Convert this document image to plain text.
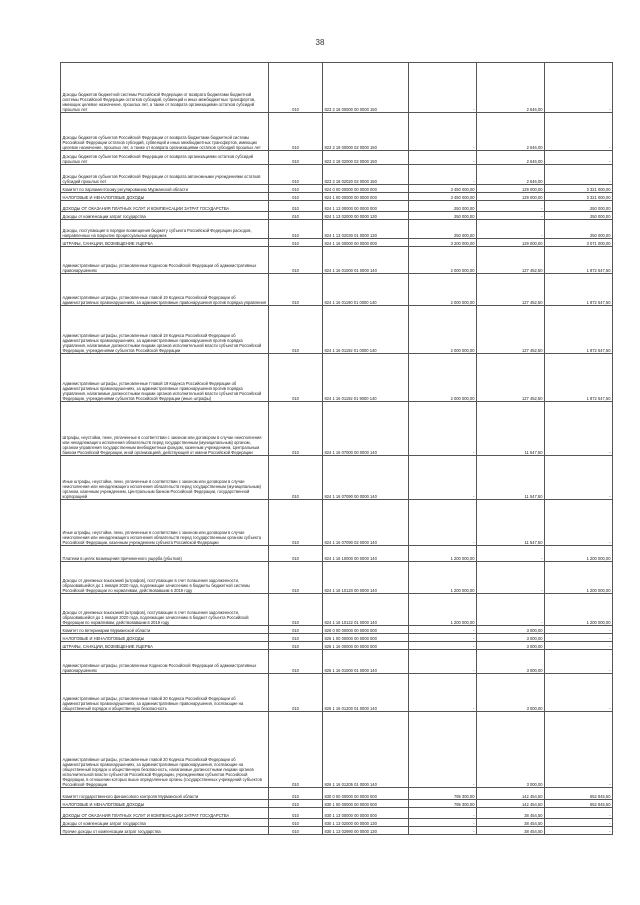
38
Доходы бюджетов бюджетной системы Российской Федерации от возврата бюджетами бюджетной системы Российской Федерации остатков субсидий, субвенций и иных межбюджетных трансфертов, имеющих целевое назначение, прошлых лет, а также от возврата организациями остатков субсидий прошлых лет	010	823 2 18 00000 00 0000 150	-	2 646,00	-
Доходы бюджетов субъектов Российской Федерации от возврата бюджетами бюджетной системы Российской Федерации остатков субсидий, субвенций и иных межбюджетных трансфертов, имеющих целевое назначение, прошлых лет, а также от возврата организациями остатков субсидий прошлых лет	010	823 2 18 00000 02 0000 150	-	2 646,00	-
Доходы бюджетов субъектов Российской Федерации от возврата организациями остатков субсидий прошлых лет	010	823 2 18 02000 02 0000 150	-	2 646,00	-
Доходы бюджетов субъектов Российской Федерации от возврата автономными учреждениями остатков субсидий прошлых лет	010	823 2 18 02020 02 0000 150	-	2 646,00	-
Комитет по парламентскому регулированию Мурманской области	010	824 0 00 00000 00 0000 000	3 450 000,00	129 000,00	3 321 000,00
НАЛОГОВЫЕ И НЕНАЛОГОВЫЕ ДОХОДЫ	010	824 1 00 00000 00 0000 000	3 450 000,00	129 000,00	3 321 000,00
ДОХОДЫ ОТ ОКАЗАНИЯ ПЛАТНЫХ УСЛУГ И КОМПЕНСАЦИИ ЗАТРАТ ГОСУДАРСТВА	010	824 1 13 00000 00 0000 000	250 000,00	-	250 000,00
Доходы от компенсации затрат государства	010	824 1 13 02000 00 0000 130	250 000,00	-	250 000,00
Доходы, поступающие в порядке возмещения бюджету субъекта Российской Федерации расходов, направленных на покрытие процессуальных издержек	010	824 1 13 02030 01 0000 130	250 000,00	-	250 000,00
ШТРАФЫ, САНКЦИИ, ВОЗМЕЩЕНИЕ УЩЕРБА	010	824 1 16 00000 00 0000 000	3 200 000,00	129 000,00	3 071 000,00
Административные штрафы, установленные Кодексом Российской Федерации об административных правонарушениях	010	824 1 16 01000 01 0000 140	2 000 000,00	127 452,50	1 872 547,50
Административные штрафы, установленные главой 19 Кодекса Российской Федерации об административных правонарушениях, за административные правонарушения против порядка управления	010	824 1 16 01190 01 0000 140	2 000 000,00	127 452,50	1 872 547,50
Административные штрафы, установленные главой 19 Кодекса Российской Федерации об административных правонарушениях, за административные правонарушения против порядка управления, налагаемые должностными лицами органов исполнительной власти субъектов Российской Федерации, учреждениями субъектов Российской Федерации	010	824 1 16 01192 01 0000 140	2 000 000,00	127 452,50	1 872 547,50
Административные штрафы, установленные Главой 19 Кодекса Российской Федерации об административных правонарушениях, за административные правонарушения против порядка управления, налагаемые должностными лицами органов исполнительной власти субъектов Российской Федерации, учреждениями субъектов Российской Федерации (иные штрафы)	010	824 1 16 01192 01 9000 140	2 000 000,00	127 452,50	1 872 547,50
Штрафы, неустойки, пени, уплаченные в соответствии с законом или договором в случае неисполнения или ненадлежащего исполнения обязательств перед государственным (муниципальным) органом, органом управления государственным внебюджетным фондом, казенным учреждением, Центральным банком Российской Федерации, иной организацией, действующей от имени Российской Федерации	010	824 1 16 07000 00 0000 140	-	11 547,50	-
Иные штрафы, неустойки, пени, уплаченные в соответствии с законом или договором в случае неисполнения или ненадлежащего исполнения обязательств перед государственным (муниципальным) органом, казенным учреждением, Центральным банком Российской Федерации, государственной корпорацией	010	824 1 16 07090 00 0000 140	-	11 547,50	-
Иные штрафы, неустойки, пени, уплаченные в соответствии с законом или договором в случае неисполнения или ненадлежащего исполнения обязательств перед государственным органом субъекта Российской Федерации, казенным учреждением субъекта Российской Федерации	010	824 1 16 07090 02 0000 140	-	11 547,50	-
Платежи в целях возмещения причиненного ущерба (убытков)	010	824 1 16 10000 00 0000 140	1 200 000,00	-	1 200 000,00
Доходы от денежных взысканий (штрафов), поступающие в счет погашения задолженности, образовавшейся до 1 января 2020 года, подлежащие зачислению в бюджеты бюджетной системы Российской Федерации по нормативам, действовавшим в 2019 году	010	824 1 16 10120 00 0000 140	1 200 000,00	-	1 200 000,00
Доходы от денежных взысканий (штрафов), поступающие в счет погашения задолженности, образовавшейся до 1 января 2020 года, подлежащие зачислению в бюджет субъекта Российской Федерации по нормативам, действовавшим в 2019 году	010	824 1 16 10122 01 0000 140	1 200 000,00	-	1 200 000,00
Комитет по ветеринарии Мурманской области	010	826 0 00 00000 00 0000 000	-	3 000,00	-
НАЛОГОВЫЕ И НЕНАЛОГОВЫЕ ДОХОДЫ	010	826 1 00 00000 00 0000 000	-	3 000,00	-
ШТРАФЫ, САНКЦИИ, ВОЗМЕЩЕНИЕ УЩЕРБА	010	826 1 16 00000 00 0000 000	-	3 000,00	-
Административные штрафы, установленные Кодексом Российской Федерации об административных правонарушениях	010	826 1 16 01000 01 0000 140	-	3 000,00	-
Административные штрафы, установленные главой 20 Кодекса Российской Федерации об административных правонарушениях, за административные правонарушения, посягающие на общественный порядок и общественную безопасность	010	826 1 16 01200 01 0000 140	-	3 000,00	-
Административные штрафы, установленные главой 20 Кодекса Российской Федерации об административных правонарушениях, за административные правонарушения, посягающие на общественный порядок и общественную безопасность, налагаемые должностными лицами органов исполнительной власти субъектов Российской Федерации, учреждениями субъектов Российской Федерации, в отношении которых выше определенные органы (государственных учреждений субъектов Российской Федерации	010	826 1 16 01205 01 0000 140	-	3 000,00	-
Комитет государственного финансового контроля Мурманской области	010	830 0 00 00000 00 0000 000	795 300,00	142 454,50	652 845,50
НАЛОГОВЫЕ И НЕНАЛОГОВЫЕ ДОХОДЫ	010	830 1 00 00000 00 0000 000	795 300,00	142 454,50	652 845,50
ДОХОДЫ ОТ ОКАЗАНИЯ ПЛАТНЫХ УСЛУГ И КОМПЕНСАЦИИ ЗАТРАТ ГОСУДАРСТВА	010	830 1 13 00000 00 0000 000	-	38 454,50	-
Доходы от компенсации затрат государства	010	830 1 13 02000 00 0000 130	-	38 454,50	-
Прочие доходы от компенсации затрат государства	010	830 1 13 02990 00 0000 130	-	38 454,50	-
